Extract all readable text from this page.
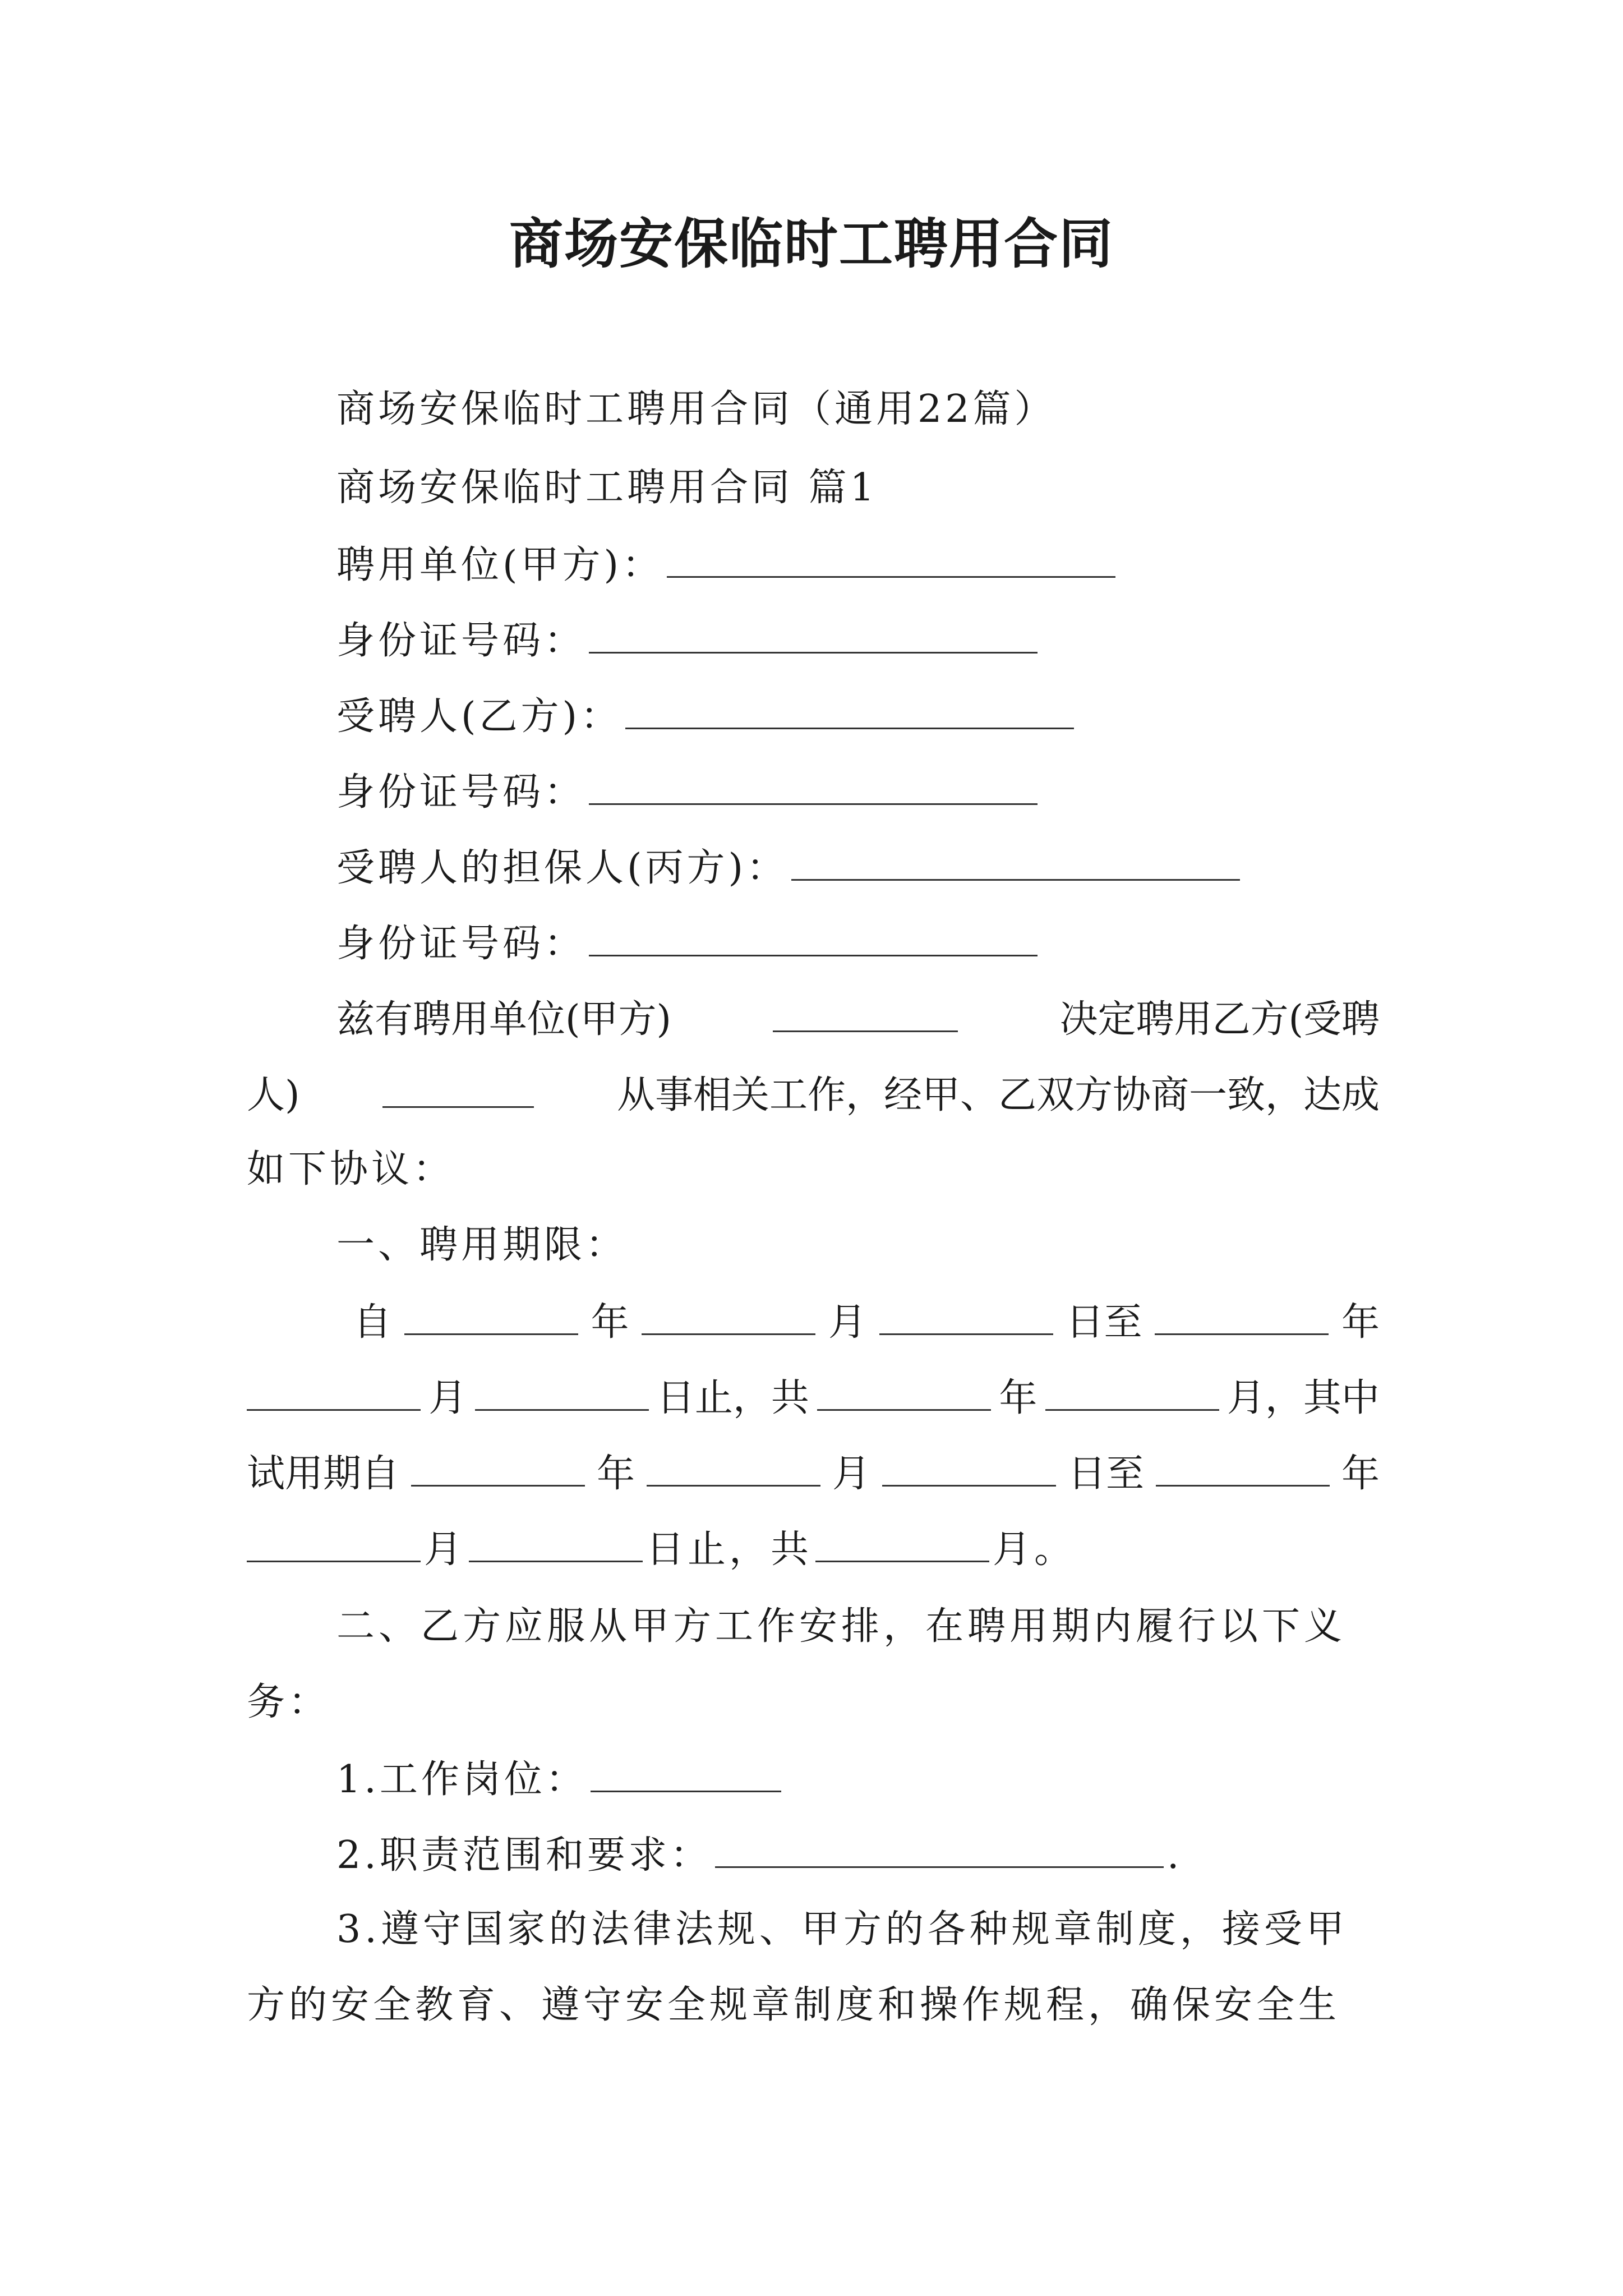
商场安保临时工聘用合同
商场安保临时工聘用合同（通用22篇）
商场安保临时工聘用合同 篇1
聘用单位(甲方)：
身份证号码：
受聘人(乙方)：
身份证号码：
受聘人的担保人(丙方)：
身份证号码：
兹有聘用单位(甲方)	决定聘用乙方(受聘
人)	从事相关工作，经甲、乙双方协商一致，达成
如下协议：
一、聘用期限：
自	年	月	日至	年
月	日止，共	年	月，其中
试用期自	年	月	日至	年
月	日止，共	月。
二、乙方应服从甲方工作安排，在聘用期内履行以下义
务：
1.工作岗位：
2.职责范围和要求：	.
3.遵守国家的法律法规、甲方的各种规章制度，接受甲
方的安全教育、遵守安全规章制度和操作规程，确保安全生
